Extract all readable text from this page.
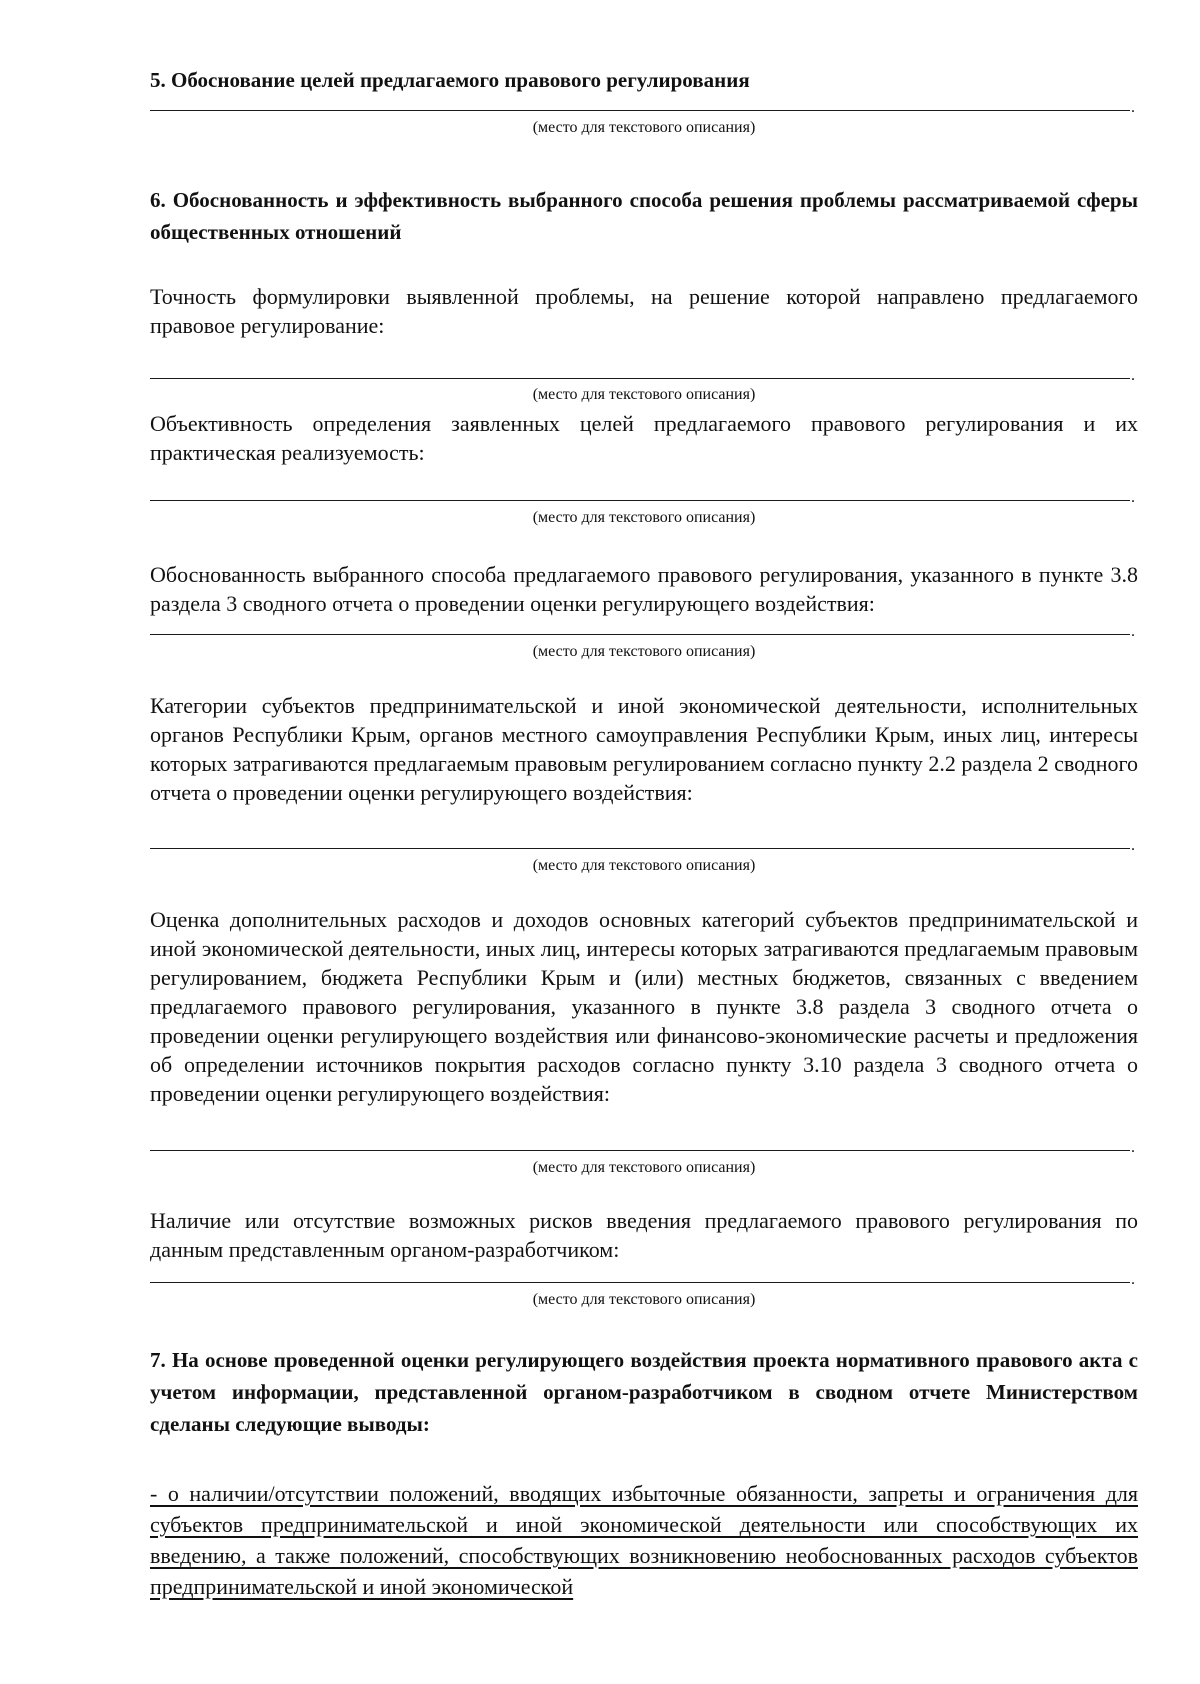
5. Обоснование целей предлагаемого правового регулирования
.
(место для текстового описания)
6. Обоснованность и эффективность выбранного способа решения проблемы рассматриваемой сферы общественных отношений
Точность формулировки выявленной проблемы, на решение которой направлено предлагаемого правовое регулирование:
.
(место для текстового описания)
Объективность определения заявленных целей предлагаемого правового регулирования и их практическая реализуемость:
.
(место для текстового описания)
Обоснованность выбранного способа предлагаемого правового регулирования, указанного в пункте 3.8 раздела 3 сводного отчета о проведении оценки регулирующего воздействия:
.
(место для текстового описания)
Категории субъектов предпринимательской и иной экономической деятельности, исполнительных органов Республики Крым, органов местного самоуправления Республики Крым, иных лиц, интересы которых затрагиваются предлагаемым правовым регулированием согласно пункту 2.2 раздела 2 сводного отчета о проведении оценки регулирующего воздействия:
.
(место для текстового описания)
Оценка дополнительных расходов и доходов основных категорий субъектов предпринимательской и иной экономической деятельности, иных лиц, интересы которых затрагиваются предлагаемым правовым регулированием, бюджета Республики Крым и (или) местных бюджетов, связанных с введением предлагаемого правового регулирования, указанного в пункте 3.8 раздела 3 сводного отчета о проведении оценки регулирующего воздействия или финансово-экономические расчеты и предложения об определении источников покрытия расходов согласно пункту 3.10 раздела 3 сводного отчета о проведении оценки регулирующего воздействия:
.
(место для текстового описания)
Наличие или отсутствие возможных рисков введения предлагаемого правового регулирования по данным представленным органом-разработчиком:
.
(место для текстового описания)
7. На основе проведенной оценки регулирующего воздействия проекта нормативного правового акта с учетом информации, представленной органом-разработчиком в сводном отчете Министерством сделаны следующие выводы:
- о наличии/отсутствии положений, вводящих избыточные обязанности, запреты и ограничения для субъектов предпринимательской и иной экономической деятельности или способствующих их введению, а также положений, способствующих возникновению необоснованных расходов субъектов предпринимательской и иной экономической
